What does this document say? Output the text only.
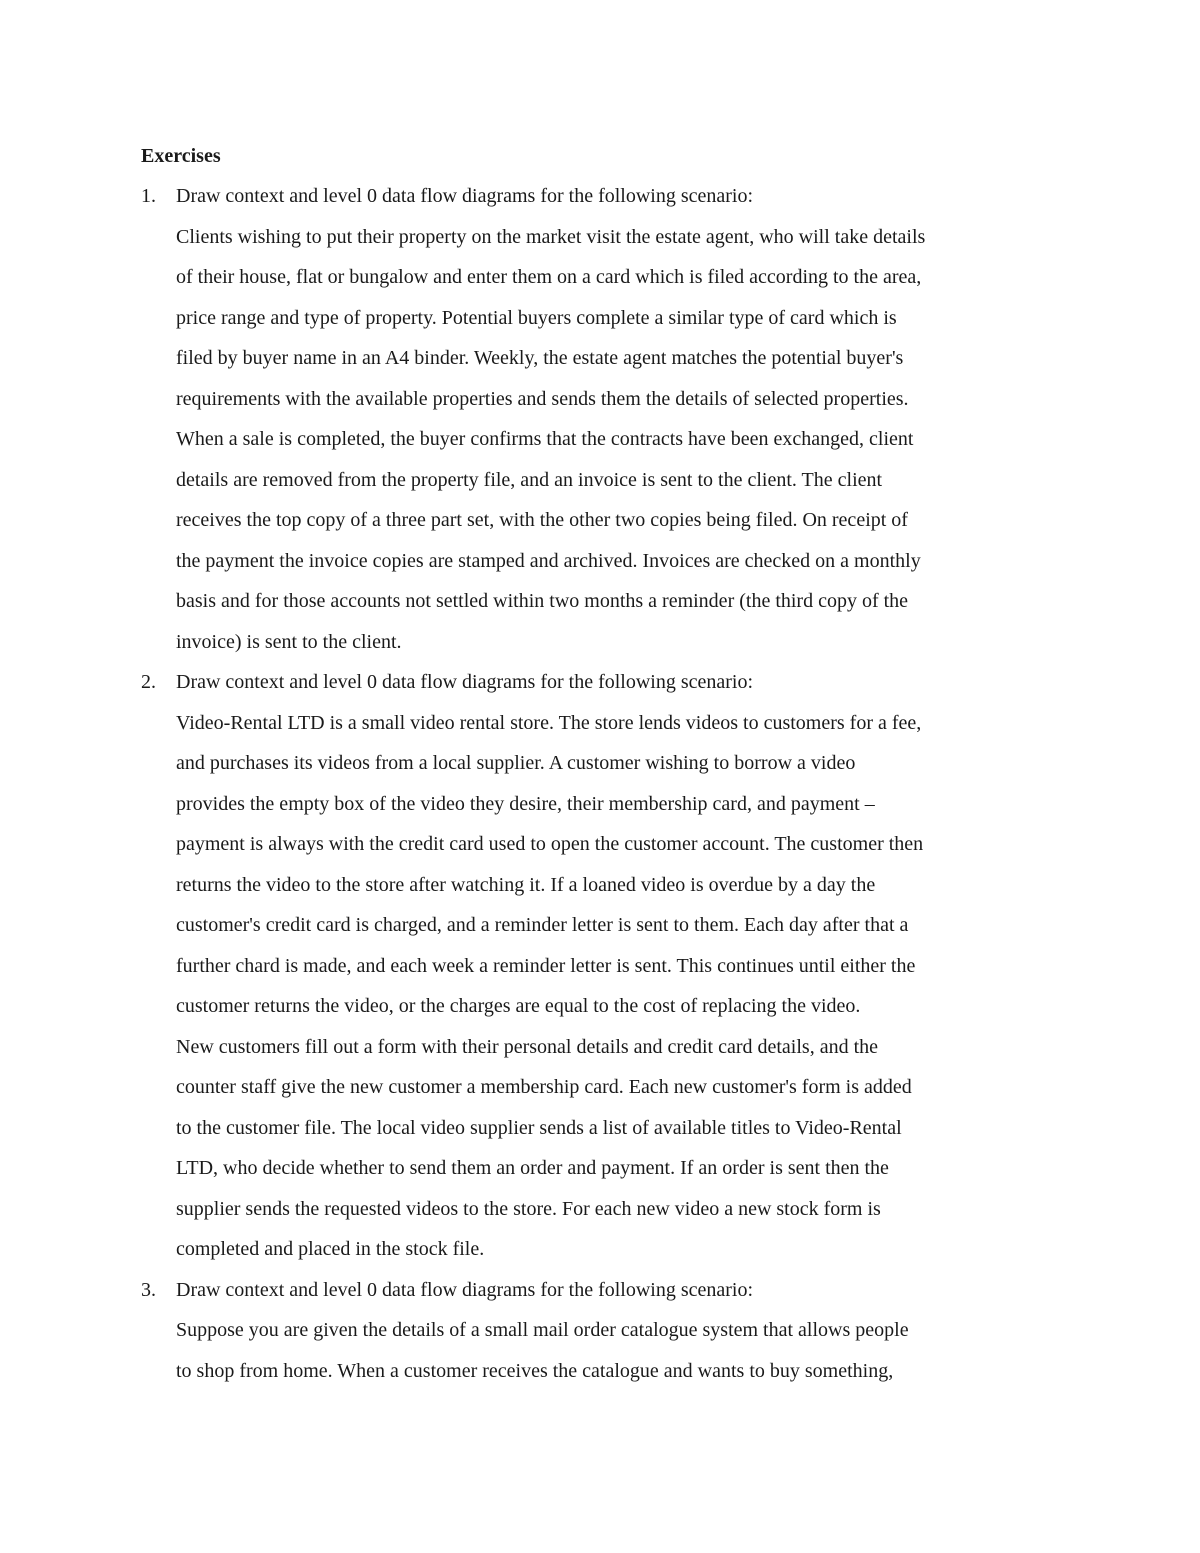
Exercises
1. Draw context and level 0 data flow diagrams for the following scenario:
Clients wishing to put their property on the market visit the estate agent, who will take details
of their house, flat or bungalow and enter them on a card which is filed according to the area,
price range and type of property. Potential buyers complete a similar type of card which is
filed by buyer name in an A4 binder. Weekly, the estate agent matches the potential buyer's
requirements with the available properties and sends them the details of selected properties.
When a sale is completed, the buyer confirms that the contracts have been exchanged, client
details are removed from the property file, and an invoice is sent to the client. The client
receives the top copy of a three part set, with the other two copies being filed. On receipt of
the payment the invoice copies are stamped and archived. Invoices are checked on a monthly
basis and for those accounts not settled within two months a reminder (the third copy of the
invoice) is sent to the client.
2. Draw context and level 0 data flow diagrams for the following scenario:
Video-Rental LTD is a small video rental store. The store lends videos to customers for a fee,
and purchases its videos from a local supplier. A customer wishing to borrow a video
provides the empty box of the video they desire, their membership card, and payment –
payment is always with the credit card used to open the customer account. The customer then
returns the video to the store after watching it. If a loaned video is overdue by a day the
customer's credit card is charged, and a reminder letter is sent to them. Each day after that a
further chard is made, and each week a reminder letter is sent. This continues until either the
customer returns the video, or the charges are equal to the cost of replacing the video.
New customers fill out a form with their personal details and credit card details, and the
counter staff give the new customer a membership card. Each new customer's form is added
to the customer file. The local video supplier sends a list of available titles to Video-Rental
LTD, who decide whether to send them an order and payment. If an order is sent then the
supplier sends the requested videos to the store. For each new video a new stock form is
completed and placed in the stock file.
3. Draw context and level 0 data flow diagrams for the following scenario:
Suppose you are given the details of a small mail order catalogue system that allows people
to shop from home. When a customer receives the catalogue and wants to buy something,
